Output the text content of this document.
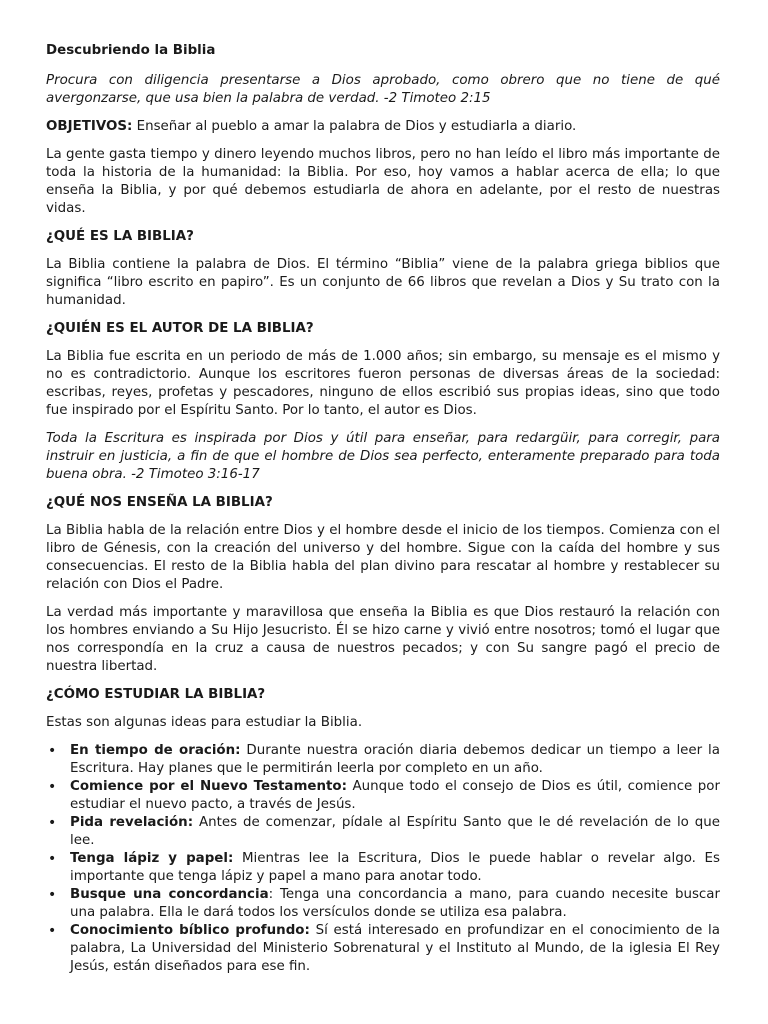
Descubriendo la Biblia

Procura con diligencia presentarse a Dios aprobado, como obrero que no tiene de qué avergonzarse, que usa bien la palabra de verdad. -2 Timoteo 2:15

OBJETIVOS: Enseñar al pueblo a amar la palabra de Dios y estudiarla a diario.

La gente gasta tiempo y dinero leyendo muchos libros, pero no han leído el libro más importante de toda la historia de la humanidad: la Biblia. Por eso, hoy vamos a hablar acerca de ella; lo que enseña la Biblia, y por qué debemos estudiarla de ahora en adelante, por el resto de nuestras vidas.

¿QUÉ ES LA BIBLIA?

La Biblia contiene la palabra de Dios. El término “Biblia” viene de la palabra griega biblios que significa “libro escrito en papiro”. Es un conjunto de 66 libros que revelan a Dios y Su trato con la humanidad.

¿QUIÉN ES EL AUTOR DE LA BIBLIA?

La Biblia fue escrita en un periodo de más de 1.000 años; sin embargo, su mensaje es el mismo y no es contradictorio. Aunque los escritores fueron personas de diversas áreas de la sociedad: escribas, reyes, profetas y pescadores, ninguno de ellos escribió sus propias ideas, sino que todo fue inspirado por el Espíritu Santo. Por lo tanto, el autor es Dios.

Toda la Escritura es inspirada por Dios y útil para enseñar, para redargüir, para corregir, para instruir en justicia, a fin de que el hombre de Dios sea perfecto, enteramente preparado para toda buena obra. -2 Timoteo 3:16-17

¿QUÉ NOS ENSEÑA LA BIBLIA?

La Biblia habla de la relación entre Dios y el hombre desde el inicio de los tiempos. Comienza con el libro de Génesis, con la creación del universo y del hombre. Sigue con la caída del hombre y sus consecuencias. El resto de la Biblia habla del plan divino para rescatar al hombre y restablecer su relación con Dios el Padre.

La verdad más importante y maravillosa que enseña la Biblia es que Dios restauró la relación con los hombres enviando a Su Hijo Jesucristo. Él se hizo carne y vivió entre nosotros; tomó el lugar que nos correspondía en la cruz a causa de nuestros pecados; y con Su sangre pagó el precio de nuestra libertad.

¿CÓMO ESTUDIAR LA BIBLIA?

Estas son algunas ideas para estudiar la Biblia.

• En tiempo de oración: Durante nuestra oración diaria debemos dedicar un tiempo a leer la Escritura. Hay planes que le permitirán leerla por completo en un año.
• Comience por el Nuevo Testamento: Aunque todo el consejo de Dios es útil, comience por estudiar el nuevo pacto, a través de Jesús.
• Pida revelación: Antes de comenzar, pídale al Espíritu Santo que le dé revelación de lo que lee.
• Tenga lápiz y papel: Mientras lee la Escritura, Dios le puede hablar o revelar algo. Es importante que tenga lápiz y papel a mano para anotar todo.
• Busque una concordancia: Tenga una concordancia a mano, para cuando necesite buscar una palabra. Ella le dará todos los versículos donde se utiliza esa palabra.
• Conocimiento bíblico profundo: Sí está interesado en profundizar en el conocimiento de la palabra, La Universidad del Ministerio Sobrenatural y el Instituto al Mundo, de la iglesia El Rey Jesús, están diseñados para ese fin.
